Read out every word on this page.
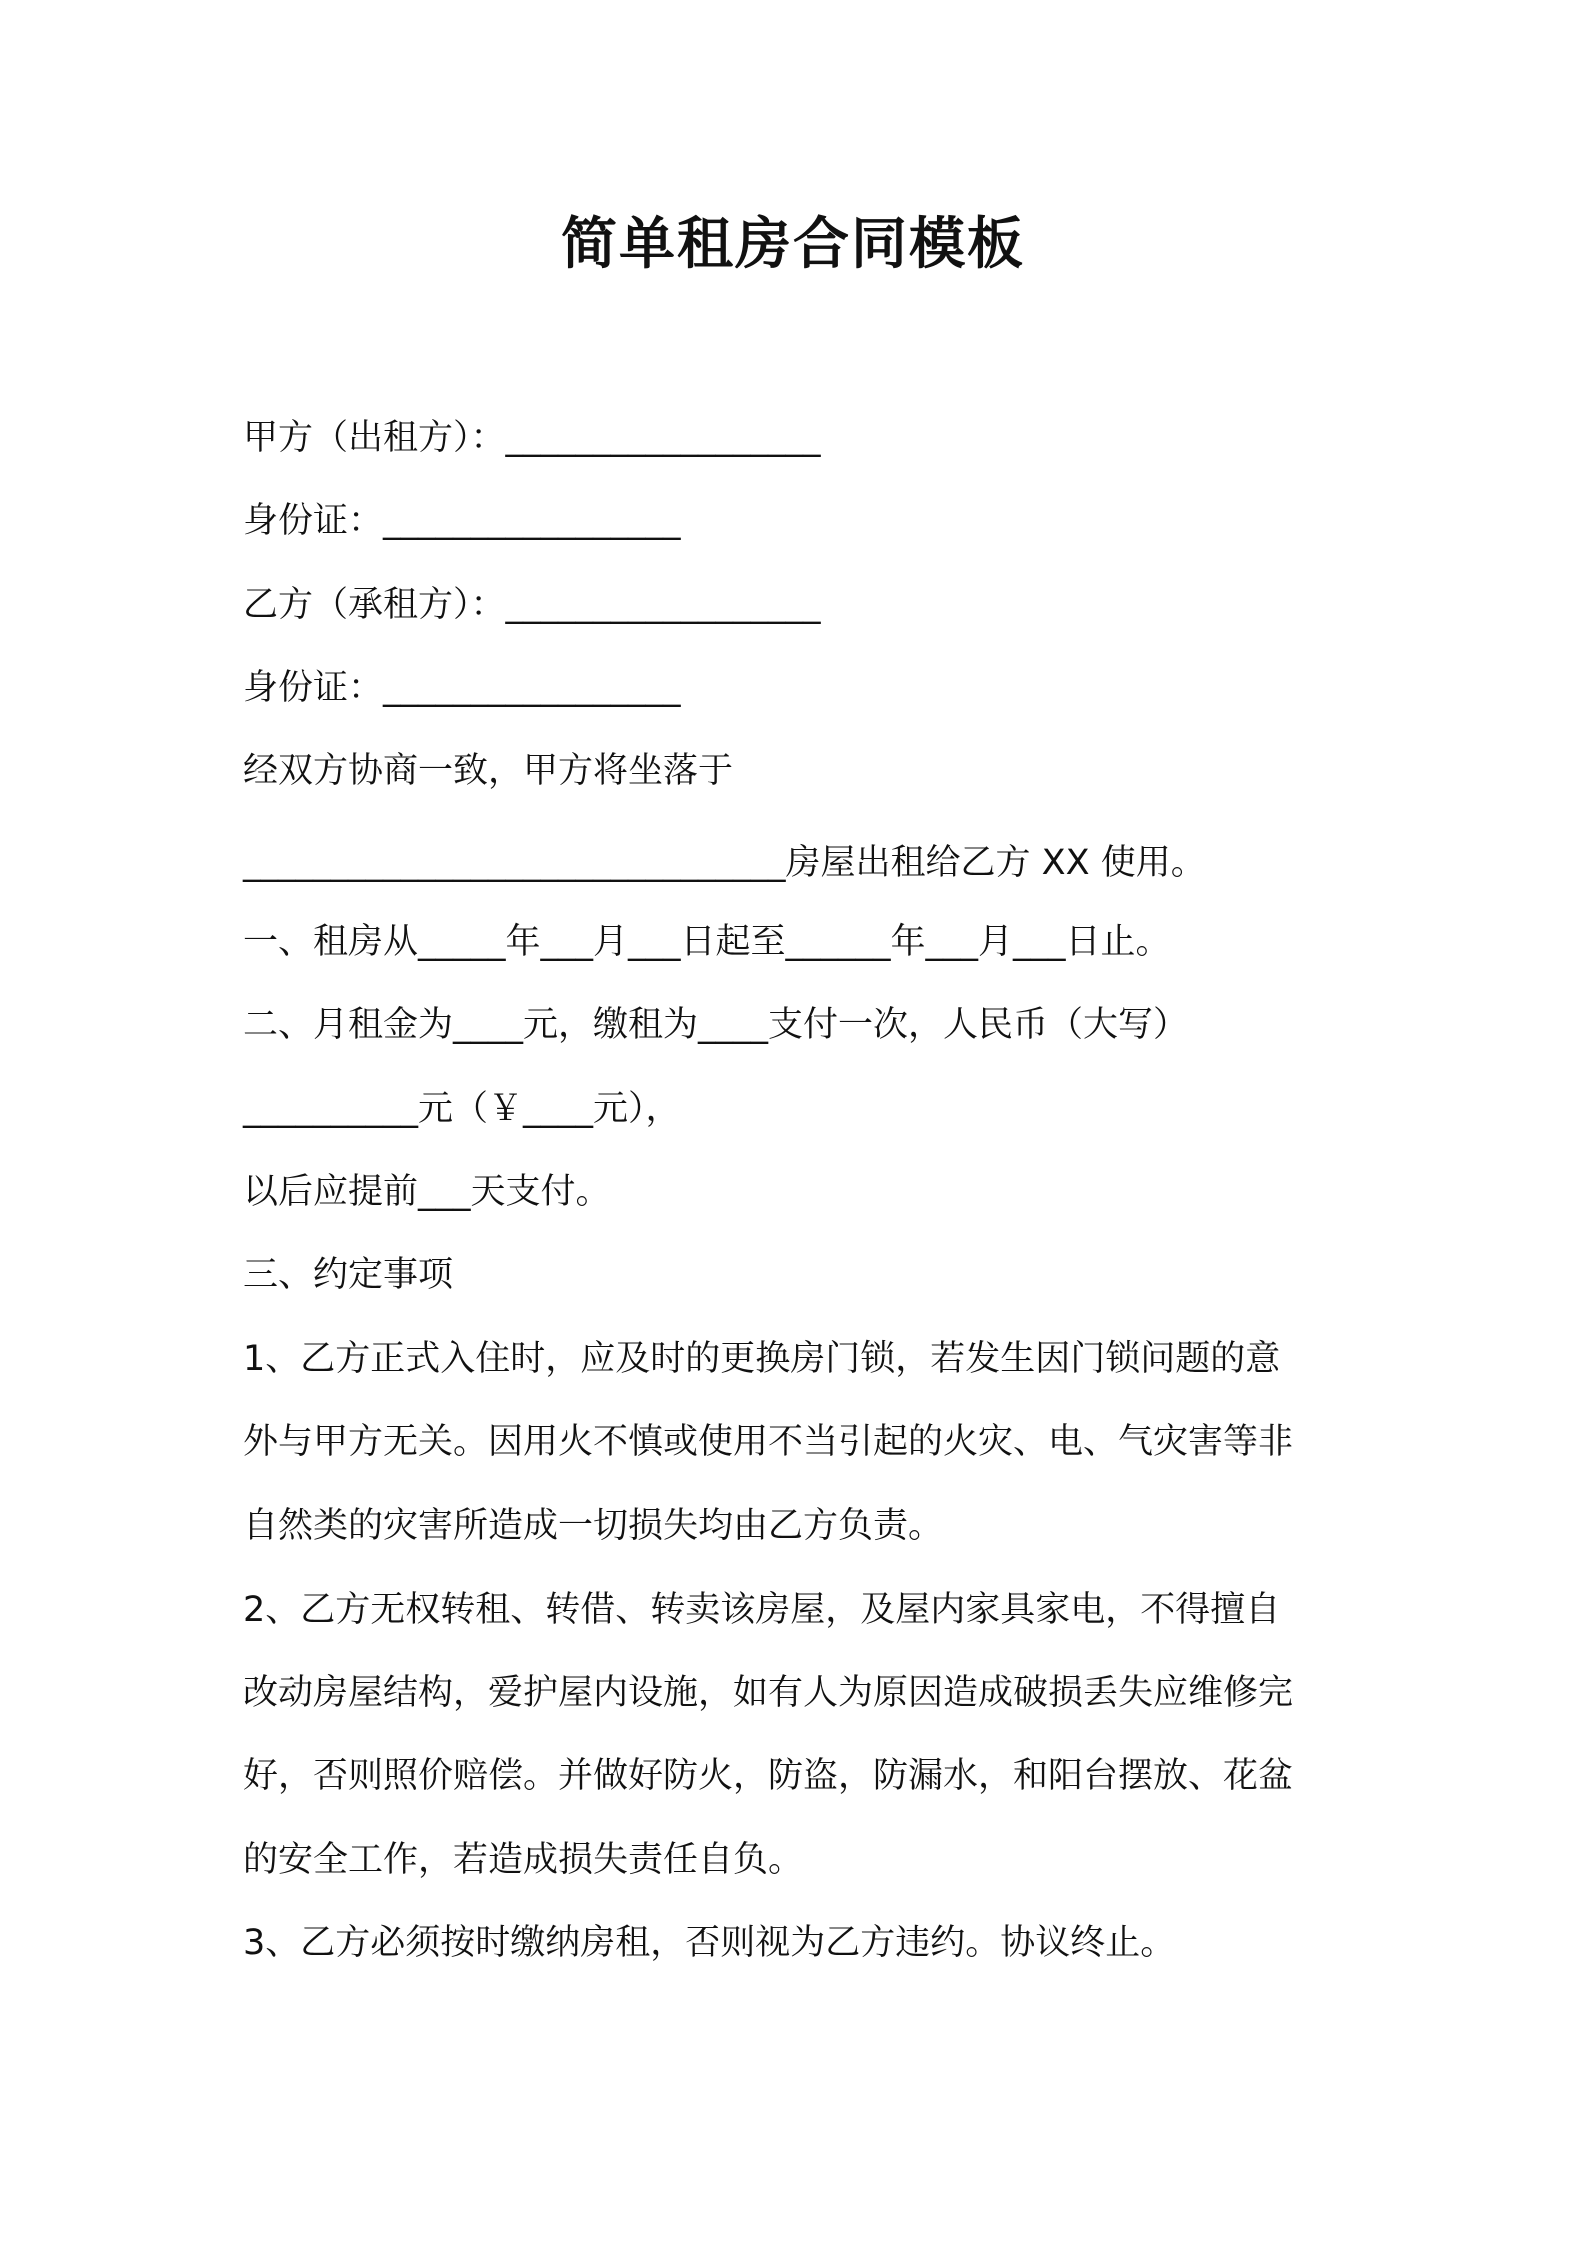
简单租房合同模板
甲方（出租方）：__________________
身份证：_________________
乙方（承租方）：__________________
身份证：_________________
经双方协商一致，甲方将坐落于
_______________________________房屋出租给乙方 XX 使用。
一、租房从_____年___月___日起至______年___月___日止。
二、月租金为____元，缴租为____支付一次，人民币（大写）
__________元（￥____元），
以后应提前___天支付。
三、约定事项
1、乙方正式入住时，应及时的更换房门锁，若发生因门锁问题的意
外与甲方无关。因用火不慎或使用不当引起的火灾、电、气灾害等非
自然类的灾害所造成一切损失均由乙方负责。
2、乙方无权转租、转借、转卖该房屋，及屋内家具家电，不得擅自
改动房屋结构，爱护屋内设施，如有人为原因造成破损丢失应维修完
好，否则照价赔偿。并做好防火，防盗，防漏水，和阳台摆放、花盆
的安全工作，若造成损失责任自负。
3、乙方必须按时缴纳房租，否则视为乙方违约。协议终止。
